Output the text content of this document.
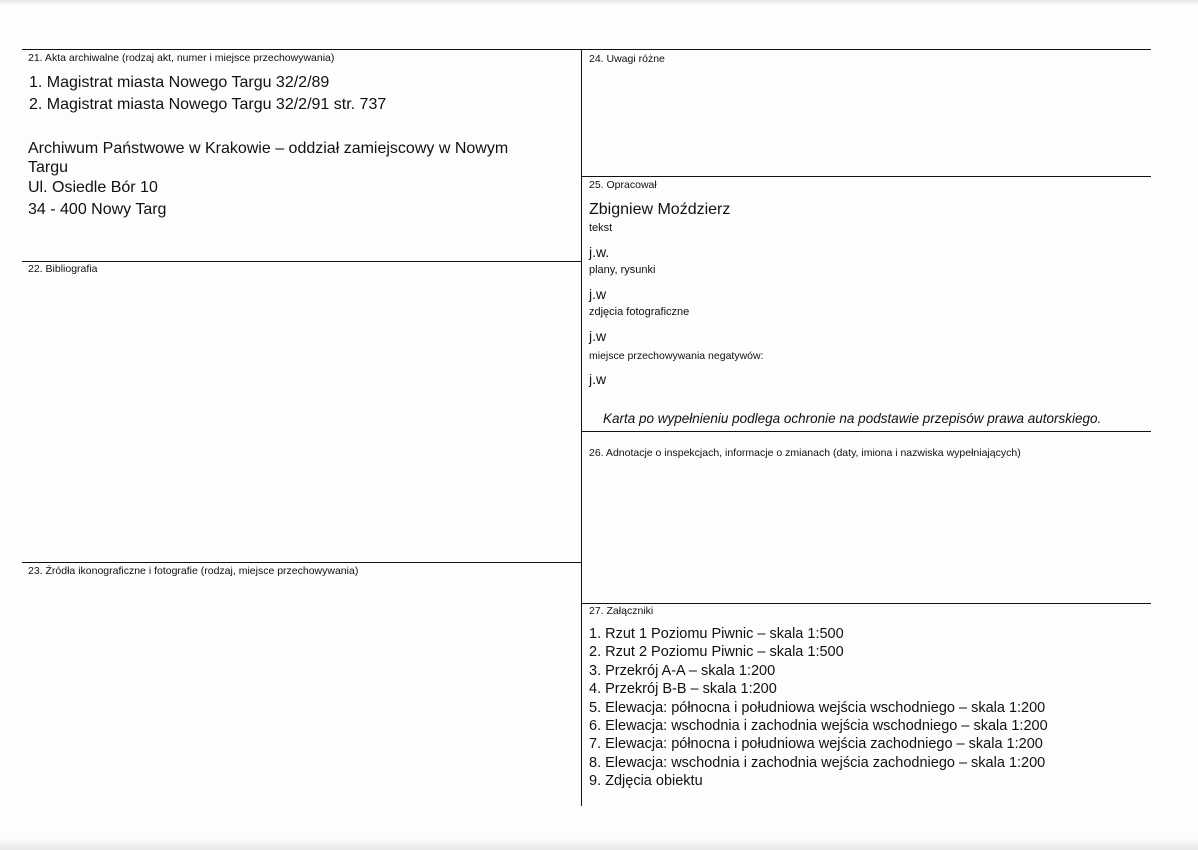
21. Akta archiwalne (rodzaj akt, numer i miejsce przechowywania)
1. Magistrat miasta Nowego Targu 32/2/89
2. Magistrat miasta Nowego Targu 32/2/91 str. 737
Archiwum Państwowe w Krakowie – oddział zamiejscowy w Nowym
Targu
Ul. Osiedle Bór 10
34 - 400 Nowy Targ
22. Bibliografia
23. Źródła ikonograficzne i fotografie (rodzaj, miejsce przechowywania)
24. Uwagi różne
25. Opracował
Zbigniew Moździerz
tekst
j.w.
plany, rysunki
j.w
zdjęcia fotograficzne
j.w
miejsce przechowywania negatywów:
j.w
Karta po wypełnieniu podlega ochronie na podstawie przepisów prawa autorskiego.
26. Adnotacje o inspekcjach, informacje o zmianach (daty, imiona i nazwiska wypełniających)
27. Załączniki
1. Rzut 1 Poziomu Piwnic – skala 1:500
2. Rzut 2 Poziomu Piwnic – skala 1:500
3. Przekrój A-A – skala 1:200
4. Przekrój B-B – skala 1:200
5. Elewacja: północna i południowa wejścia wschodniego – skala 1:200
6. Elewacja: wschodnia i zachodnia wejścia wschodniego – skala 1:200
7. Elewacja: północna i południowa wejścia zachodniego – skala 1:200
8. Elewacja: wschodnia i zachodnia wejścia zachodniego – skala 1:200
9. Zdjęcia obiektu
